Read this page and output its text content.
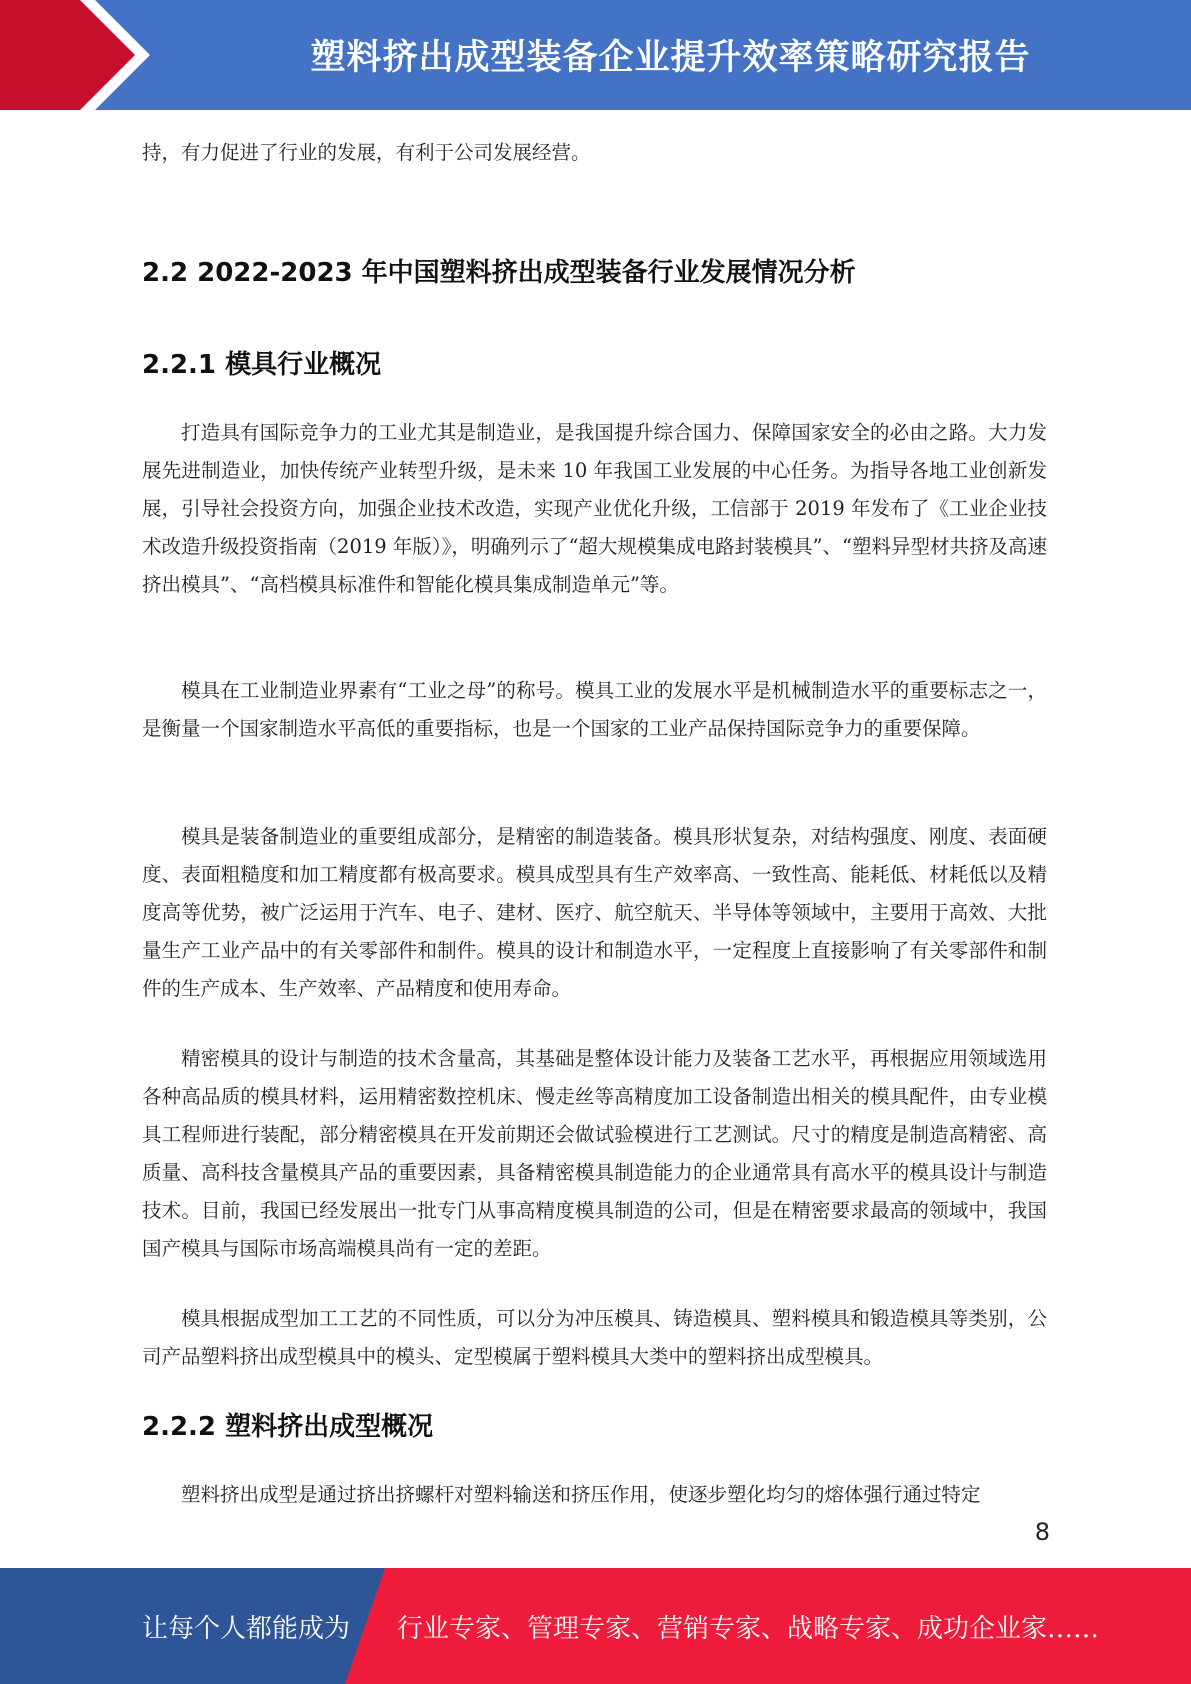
塑料挤出成型装备企业提升效率策略研究报告

持，有力促进了行业的发展，有利于公司发展经营。

2.2 2022-2023 年中国塑料挤出成型装备行业发展情况分析
2.2.1 模具行业概况

打造具有国际竞争力的工业尤其是制造业，是我国提升综合国力、保障国家安全的必由之路。大力发展先进制造业，加快传统产业转型升级，是未来 10 年我国工业发展的中心任务。为指导各地工业创新发展，引导社会投资方向，加强企业技术改造，实现产业优化升级，工信部于 2019 年发布了《工业企业技术改造升级投资指南（2019 年版）》，明确列示了“超大规模集成电路封装模具”、“塑料异型材共挤及高速挤出模具”、“高档模具标准件和智能化模具集成制造单元”等。

模具在工业制造业界素有“工业之母”的称号。模具工业的发展水平是机械制造水平的重要标志之一，是衡量一个国家制造水平高低的重要指标，也是一个国家的工业产品保持国际竞争力的重要保障。

模具是装备制造业的重要组成部分，是精密的制造装备。模具形状复杂，对结构强度、刚度、表面硬度、表面粗糙度和加工精度都有极高要求。模具成型具有生产效率高、一致性高、能耗低、材耗低以及精度高等优势，被广泛运用于汽车、电子、建材、医疗、航空航天、半导体等领域中，主要用于高效、大批量生产工业产品中的有关零部件和制件。模具的设计和制造水平，一定程度上直接影响了有关零部件和制件的生产成本、生产效率、产品精度和使用寿命。

精密模具的设计与制造的技术含量高，其基础是整体设计能力及装备工艺水平，再根据应用领域选用各种高品质的模具材料，运用精密数控机床、慢走丝等高精度加工设备制造出相关的模具配件，由专业模具工程师进行装配，部分精密模具在开发前期还会做试验模进行工艺测试。尺寸的精度是制造高精密、高质量、高科技含量模具产品的重要因素，具备精密模具制造能力的企业通常具有高水平的模具设计与制造技术。目前，我国已经发展出一批专门从事高精度模具制造的公司，但是在精密要求最高的领域中，我国国产模具与国际市场高端模具尚有一定的差距。

模具根据成型加工工艺的不同性质，可以分为冲压模具、铸造模具、塑料模具和锻造模具等类别，公司产品塑料挤出成型模具中的模头、定型模属于塑料模具大类中的塑料挤出成型模具。

2.2.2 塑料挤出成型概况

塑料挤出成型是通过挤出挤螺杆对塑料输送和挤压作用，使逐步塑化均匀的熔体强行通过特定

8
让每个人都能成为 行业专家、管理专家、营销专家、战略专家、成功企业家……
